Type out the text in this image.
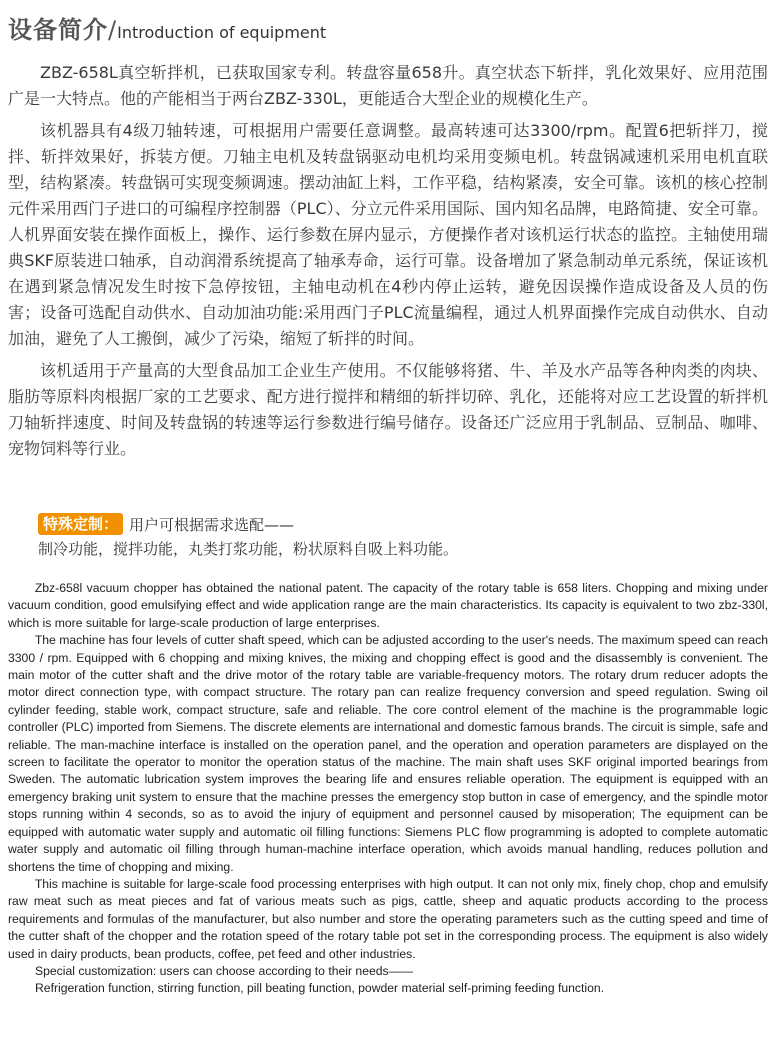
设备简介 / Introduction of equipment

ZBZ-658L真空斩拌机，已获取国家专利。转盘容量658升。真空状态下斩拌，乳化效果好、应用范围广是一大特点。他的产能相当于两台ZBZ-330L，更能适合大型企业的规模化生产。

该机器具有4级刀轴转速，可根据用户需要任意调整。最高转速可达3300/rpm。配置6把斩拌刀，搅拌、斩拌效果好，拆装方便。刀轴主电机及转盘锅驱动电机均采用变频电机。转盘锅减速机采用电机直联型，结构紧凑。转盘锅可实现变频调速。摆动油缸上料，工作平稳，结构紧凑，安全可靠。该机的核心控制元件采用西门子进口的可编程序控制器（PLC）、分立元件采用国际、国内知名品牌，电路简捷、安全可靠。人机界面安装在操作面板上，操作、运行参数在屏内显示，方便操作者对该机运行状态的监控。主轴使用瑞典SKF原装进口轴承，自动润滑系统提高了轴承寿命，运行可靠。设备增加了紧急制动单元系统，保证该机在遇到紧急情况发生时按下急停按钮，主轴电动机在4秒内停止运转，避免因误操作造成设备及人员的伤害；设备可选配自动供水、自动加油功能:采用西门子PLC流量编程，通过人机界面操作完成自动供水、自动加油，避免了人工搬倒，减少了污染，缩短了斩拌的时间。

该机适用于产量高的大型食品加工企业生产使用。不仅能够将猪、牛、羊及水产品等各种肉类的肉块、脂肪等原料肉根据厂家的工艺要求、配方进行搅拌和精细的斩拌切碎、乳化，还能将对应工艺设置的斩拌机刀轴斩拌速度、时间及转盘锅的转速等运行参数进行编号储存。设备还广泛应用于乳制品、豆制品、咖啡、宠物饲料等行业。

特殊定制： 用户可根据需求选配——
制冷功能，搅拌功能，丸类打浆功能，粉状原料自吸上料功能。

Zbz-658l vacuum chopper has obtained the national patent. The capacity of the rotary table is 658 liters. Chopping and mixing under vacuum condition, good emulsifying effect and wide application range are the main characteristics. Its capacity is equivalent to two zbz-330l, which is more suitable for large-scale production of large enterprises.

The machine has four levels of cutter shaft speed, which can be adjusted according to the user's needs. The maximum speed can reach 3300 / rpm. Equipped with 6 chopping and mixing knives, the mixing and chopping effect is good and the disassembly is convenient. The main motor of the cutter shaft and the drive motor of the rotary table are variable-frequency motors. The rotary drum reducer adopts the motor direct connection type, with compact structure. The rotary pan can realize frequency conversion and speed regulation. Swing oil cylinder feeding, stable work, compact structure, safe and reliable. The core control element of the machine is the programmable logic controller (PLC) imported from Siemens. The discrete elements are international and domestic famous brands. The circuit is simple, safe and reliable. The man-machine interface is installed on the operation panel, and the operation and operation parameters are displayed on the screen to facilitate the operator to monitor the operation status of the machine. The main shaft uses SKF original imported bearings from Sweden. The automatic lubrication system improves the bearing life and ensures reliable operation. The equipment is equipped with an emergency braking unit system to ensure that the machine presses the emergency stop button in case of emergency, and the spindle motor stops running within 4 seconds, so as to avoid the injury of equipment and personnel caused by misoperation; The equipment can be equipped with automatic water supply and automatic oil filling functions: Siemens PLC flow programming is adopted to complete automatic water supply and automatic oil filling through human-machine interface operation, which avoids manual handling, reduces pollution and shortens the time of chopping and mixing.

This machine is suitable for large-scale food processing enterprises with high output. It can not only mix, finely chop, chop and emulsify raw meat such as meat pieces and fat of various meats such as pigs, cattle, sheep and aquatic products according to the process requirements and formulas of the manufacturer, but also number and store the operating parameters such as the cutting speed and time of the cutter shaft of the chopper and the rotation speed of the rotary table pot set in the corresponding process. The equipment is also widely used in dairy products, bean products, coffee, pet feed and other industries.

Special customization: users can choose according to their needs——

Refrigeration function, stirring function, pill beating function, powder material self-priming feeding function.
